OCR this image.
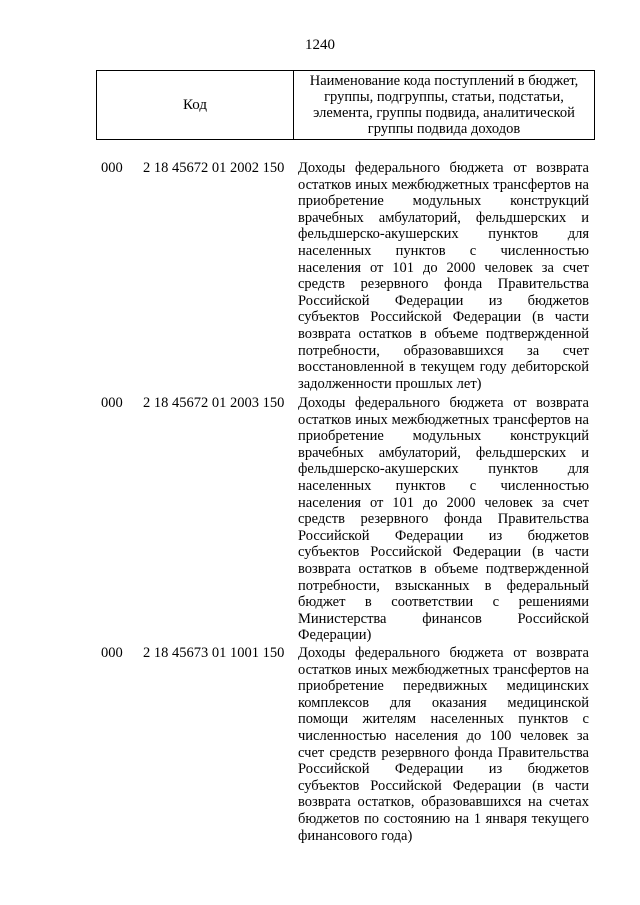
1240
Код
Наименование кода поступлений в бюджет, группы, подгруппы, статьи, подстатьи, элемента, группы подвида, аналитической группы подвида доходов
000 2 18 45672 01 2002 150 Доходы федерального бюджета от возврата
остатков иных межбюджетных трансфертов на
приобретение модульных конструкций
врачебных амбулаторий, фельдшерских и
фельдшерско-акушерских пунктов для
населенных пунктов с численностью
населения от 101 до 2000 человек за счет
средств резервного фонда Правительства
Российской Федерации из бюджетов
субъектов Российской Федерации (в части
возврата остатков в объеме подтвержденной
потребности, образовавшихся за счет
восстановленной в текущем году дебиторской
задолженности прошлых лет)
000 2 18 45672 01 2003 150 Доходы федерального бюджета от возврата
остатков иных межбюджетных трансфертов на
приобретение модульных конструкций
врачебных амбулаторий, фельдшерских и
фельдшерско-акушерских пунктов для
населенных пунктов с численностью
населения от 101 до 2000 человек за счет
средств резервного фонда Правительства
Российской Федерации из бюджетов
субъектов Российской Федерации (в части
возврата остатков в объеме подтвержденной
потребности, взысканных в федеральный
бюджет в соответствии с решениями
Министерства финансов Российской
Федерации)
000 2 18 45673 01 1001 150 Доходы федерального бюджета от возврата
остатков иных межбюджетных трансфертов на
приобретение передвижных медицинских
комплексов для оказания медицинской
помощи жителям населенных пунктов с
численностью населения до 100 человек за
счет средств резервного фонда Правительства
Российской Федерации из бюджетов
субъектов Российской Федерации (в части
возврата остатков, образовавшихся на счетах
бюджетов по состоянию на 1 января текущего
финансового года)
